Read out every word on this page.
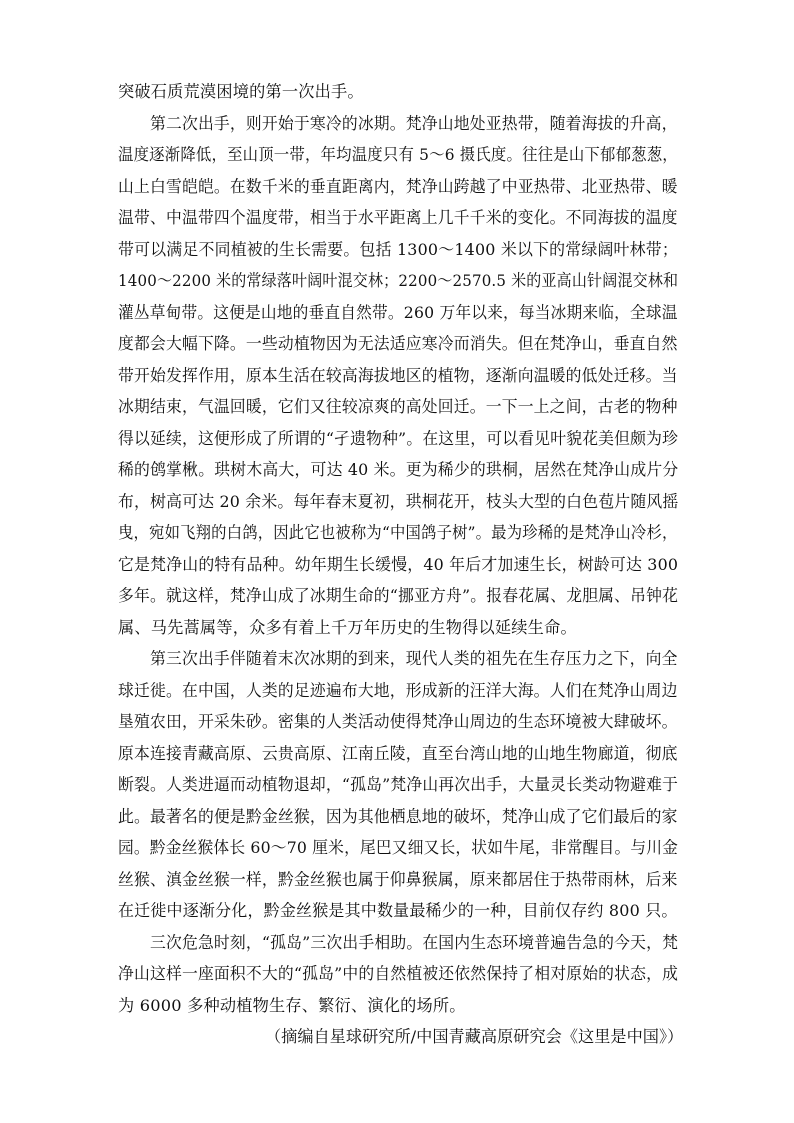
突破石质荒漠困境的第一次出手。
　　第二次出手，则开始于寒冷的冰期。梵净山地处亚热带，随着海拔的升高，
温度逐渐降低，至山顶一带，年均温度只有 5～6 摄氏度。往往是山下郁郁葱葱，
山上白雪皑皑。在数千米的垂直距离内，梵净山跨越了中亚热带、北亚热带、暖
温带、中温带四个温度带，相当于水平距离上几千千米的变化。不同海拔的温度
带可以满足不同植被的生长需要。包括 1300～1400 米以下的常绿阔叶林带；
1400～2200 米的常绿落叶阔叶混交林；2200～2570.5 米的亚高山针阔混交林和
灌丛草甸带。这便是山地的垂直自然带。260 万年以来，每当冰期来临，全球温
度都会大幅下降。一些动植物因为无法适应寒冷而消失。但在梵净山，垂直自然
带开始发挥作用，原本生活在较高海拔地区的植物，逐渐向温暖的低处迁移。当
冰期结束，气温回暖，它们又往较凉爽的高处回迁。一下一上之间，古老的物种
得以延续，这便形成了所谓的“孑遗物种”。在这里，可以看见叶貌花美但颇为珍
稀的鸧掌楸。珙树木高大，可达 40 米。更为稀少的珙桐，居然在梵净山成片分
布，树高可达 20 余米。每年春末夏初，珙桐花开，枝头大型的白色苞片随风摇
曳，宛如飞翔的白鸽，因此它也被称为“中国鸽子树”。最为珍稀的是梵净山冷杉，
它是梵净山的特有品种。幼年期生长缓慢，40 年后才加速生长，树龄可达 300
多年。就这样，梵净山成了冰期生命的“挪亚方舟”。报春花属、龙胆属、吊钟花
属、马先蒿属等，众多有着上千万年历史的生物得以延续生命。
　　第三次出手伴随着末次冰期的到来，现代人类的祖先在生存压力之下，向全
球迁徙。在中国，人类的足迹遍布大地，形成新的汪洋大海。人们在梵净山周边
垦殖农田，开采朱砂。密集的人类活动使得梵净山周边的生态环境被大肆破坏。
原本连接青藏高原、云贵高原、江南丘陵，直至台湾山地的山地生物廊道，彻底
断裂。人类进逼而动植物退却，“孤岛”梵净山再次出手，大量灵长类动物避难于
此。最著名的便是黔金丝猴，因为其他栖息地的破坏，梵净山成了它们最后的家
园。黔金丝猴体长 60～70 厘米，尾巴又细又长，状如牛尾，非常醒目。与川金
丝猴、滇金丝猴一样，黔金丝猴也属于仰鼻猴属，原来都居住于热带雨林，后来
在迁徙中逐渐分化，黔金丝猴是其中数量最稀少的一种，目前仅存约 800 只。
　　三次危急时刻，“孤岛”三次出手相助。在国内生态环境普遍告急的今天，梵
净山这样一座面积不大的“孤岛”中的自然植被还依然保持了相对原始的状态，成
为 6000 多种动植物生存、繁衍、演化的场所。
（摘编自星球研究所/中国青藏高原研究会《这里是中国》）
